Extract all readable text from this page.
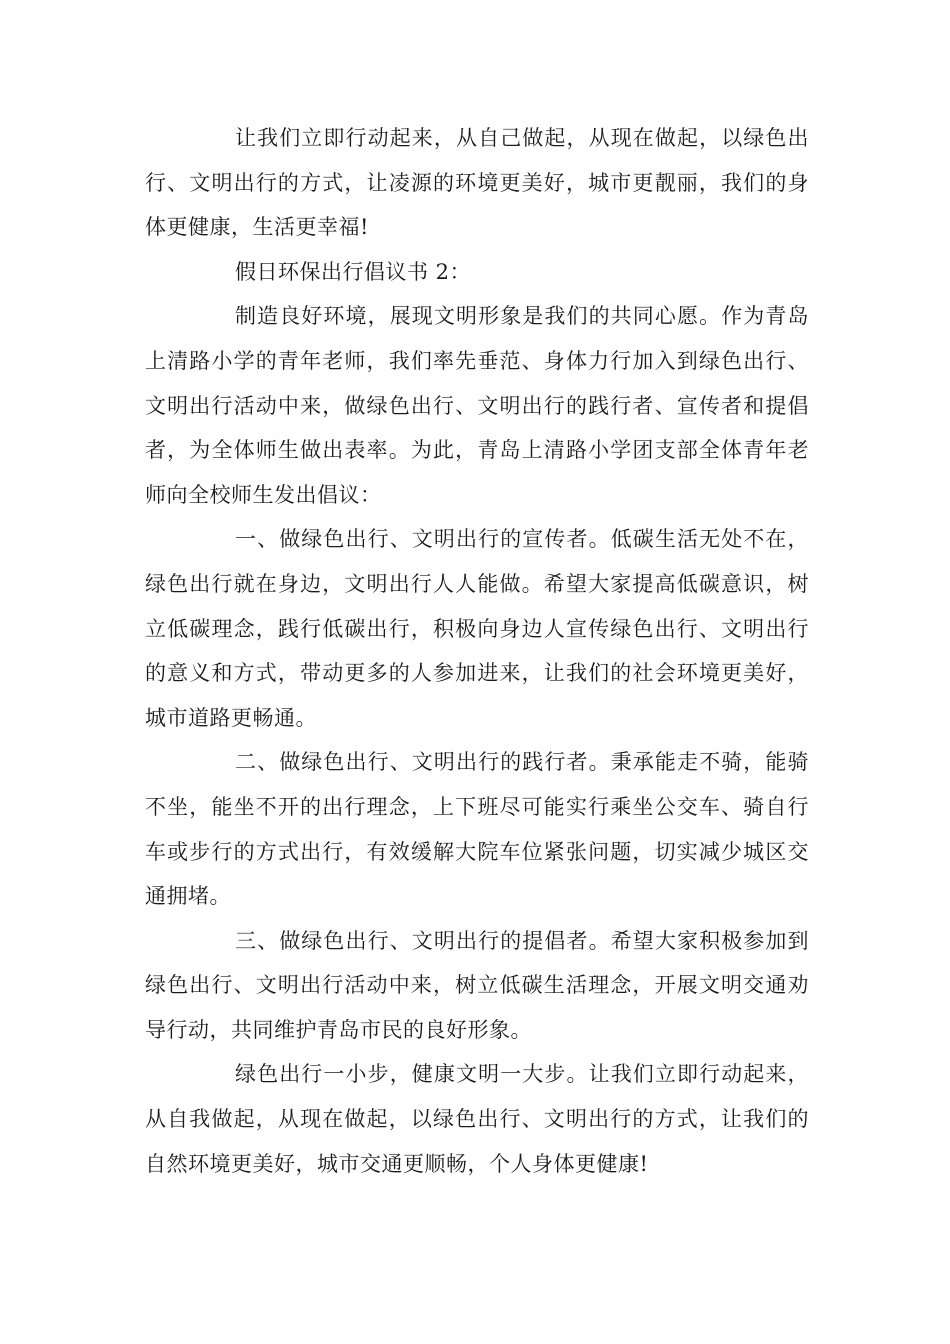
让我们立即行动起来，从自己做起，从现在做起，以绿色出行、文明出行的方式，让凌源的环境更美好，城市更靓丽，我们的身体更健康，生活更幸福!

假日环保出行倡议书 2：

制造良好环境，展现文明形象是我们的共同心愿。作为青岛上清路小学的青年老师，我们率先垂范、身体力行加入到绿色出行、文明出行活动中来，做绿色出行、文明出行的践行者、宣传者和提倡者，为全体师生做出表率。为此，青岛上清路小学团支部全体青年老师向全校师生发出倡议：

一、做绿色出行、文明出行的宣传者。低碳生活无处不在，绿色出行就在身边，文明出行人人能做。希望大家提高低碳意识，树立低碳理念，践行低碳出行，积极向身边人宣传绿色出行、文明出行的意义和方式，带动更多的人参加进来，让我们的社会环境更美好，城市道路更畅通。

二、做绿色出行、文明出行的践行者。秉承能走不骑，能骑不坐，能坐不开的出行理念，上下班尽可能实行乘坐公交车、骑自行车或步行的方式出行，有效缓解大院车位紧张问题，切实减少城区交通拥堵。

三、做绿色出行、文明出行的提倡者。希望大家积极参加到绿色出行、文明出行活动中来，树立低碳生活理念，开展文明交通劝导行动，共同维护青岛市民的良好形象。

绿色出行一小步，健康文明一大步。让我们立即行动起来，从自我做起，从现在做起，以绿色出行、文明出行的方式，让我们的自然环境更美好，城市交通更顺畅，个人身体更健康!
